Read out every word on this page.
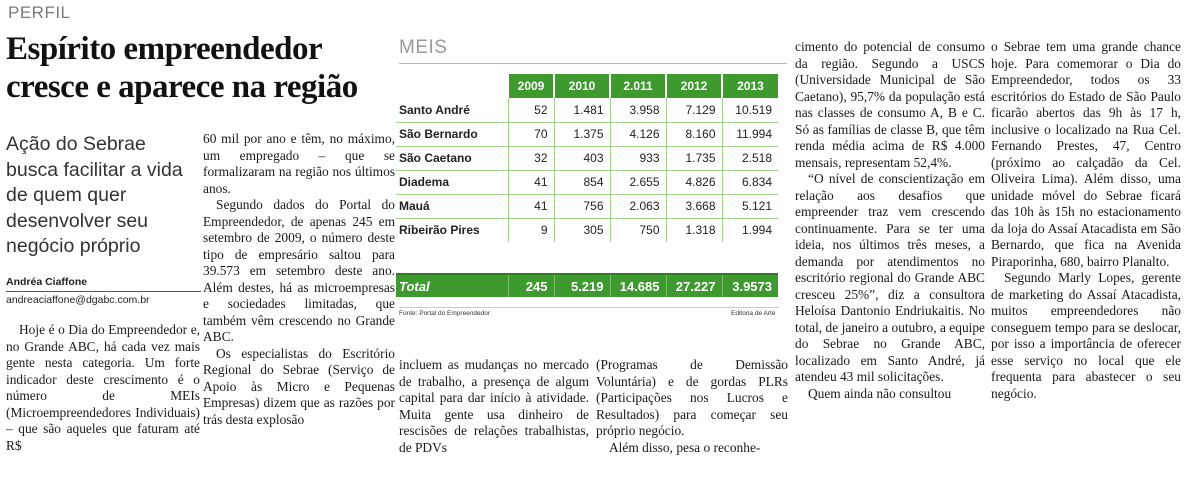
PERFIL
Espírito empreendedor cresce e aparece na região
Ação do Sebrae busca facilitar a vida de quem quer desenvolver seu negócio próprio
Andréa Ciaffone
andreaciaffone@dgabc.com.br

Hoje é o Dia do Empreendedor e, no Grande ABC, há cada vez mais gente nesta categoria. Um forte indicador deste crescimento é o número de MEIs (Microempreendedores Individuais) – que são aqueles que faturam até R$

60 mil por ano e têm, no máximo, um empregado – que se formalizaram na região nos últimos anos.

Segundo dados do Portal do Empreendedor, de apenas 245 em setembro de 2009, o número deste tipo de empresário saltou para 39.573 em setembro deste ano. Além destes, há as microempresas e sociedades limitadas, que também vêm crescendo no Grande ABC.

Os especialistas do Escritório Regional do Sebrae (Serviço de Apoio às Micro e Pequenas Empresas) dizem que as razões por trás desta explosão

MEIS
	2009	2010	2.011	2012	2013
Santo André	52	1.481	3.958	7.129	10.519
São Bernardo	70	1.375	4.126	8.160	11.994
São Caetano	32	403	933	1.735	2.518
Diadema	41	854	2.655	4.826	6.834
Mauá	41	756	2.063	3.668	5.121
Ribeirão Pires	9	305	750	1.318	1.994
Total	245	5.219	14.685	27.227	3.9573
Fonte: Portal do Empreendedor	Editoria de Arte

incluem as mudanças no mercado de trabalho, a presença de algum capital para dar início à atividade. Muita gente usa dinheiro de rescisões de relações trabalhistas, de PDVs

(Programas de Demissão Voluntária) e de gordas PLRs (Participações nos Lucros e Resultados) para começar seu próprio negócio.

Além disso, pesa o reconhe-

cimento do potencial de consumo da região. Segundo a USCS (Universidade Municipal de São Caetano), 95,7% da população está nas classes de consumo A, B e C. Só as famílias de classe B, que têm renda média acima de R$ 4.000 mensais, representam 52,4%.

“O nível de conscientização em relação aos desafios que empreender traz vem crescendo continuamente. Para se ter uma ideia, nos últimos três meses, a demanda por atendimentos no escritório regional do Grande ABC cresceu 25%”, diz a consultora Heloísa Dantonio Endriukaitis. No total, de janeiro a outubro, a equipe do Sebrae no Grande ABC, localizado em Santo André, já atendeu 43 mil solicitações.

Quem ainda não consultou

o Sebrae tem uma grande chance hoje. Para comemorar o Dia do Empreendedor, todos os 33 escritórios do Estado de São Paulo ficarão abertos das 9h às 17 h, inclusive o localizado na Rua Cel. Fernando Prestes, 47, Centro (próximo ao calçadão da Cel. Oliveira Lima). Além disso, uma unidade móvel do Sebrae ficará das 10h às 15h no estacionamento da loja do Assaí Atacadista em São Bernardo, que fica na Avenida Piraporinha, 680, bairro Planalto.

Segundo Marly Lopes, gerente de marketing do Assaí Atacadista, muitos empreendedores não conseguem tempo para se deslocar, por isso a importância de oferecer esse serviço no local que ele frequenta para abastecer o seu negócio.
